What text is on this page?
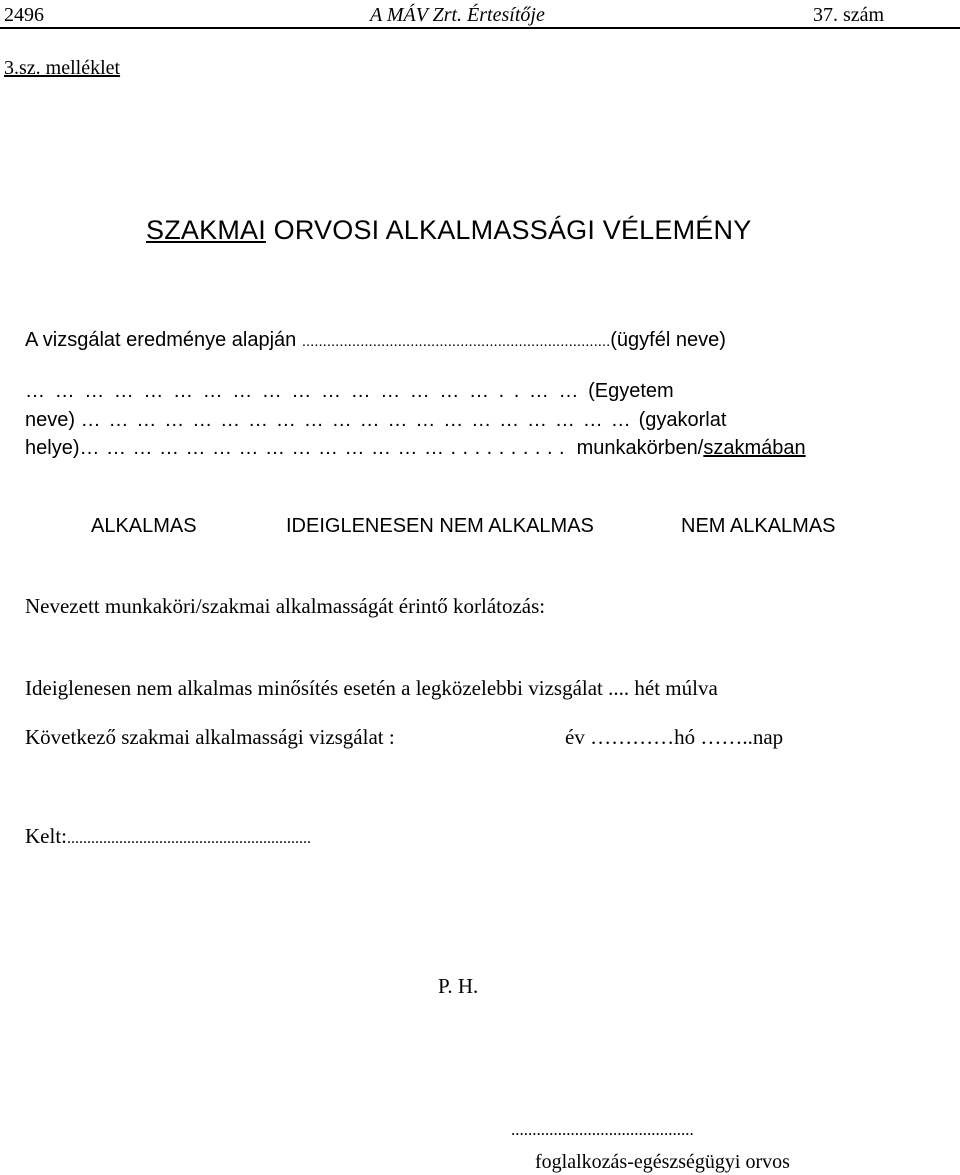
2496	A MÁV Zrt. Értesítője	37. szám
3.sz. melléklet
SZAKMAI ORVOSI ALKALMASSÁGI VÉLEMÉNY
A vizsgálat eredménye alapján ..........................................................................(ügyfél neve)
…………………………………………..……(Egyetem
neve) ……………………………………………………(gyakorlat
helye)…………………………………….......... munkakörben/szakmában
ALKALMAS	IDEIGLENESEN NEM ALKALMAS	NEM ALKALMAS
Nevezett munkaköri/szakmai alkalmasságát érintő korlátozás:
Ideiglenesen nem alkalmas minősítés esetén a legközelebbi vizsgálat .... hét múlva
Következő szakmai alkalmassági vizsgálat :	év …………hó ……..nap
Kelt:.............................................................
P. H.
...........................................
foglalkozás-egészségügyi orvos
